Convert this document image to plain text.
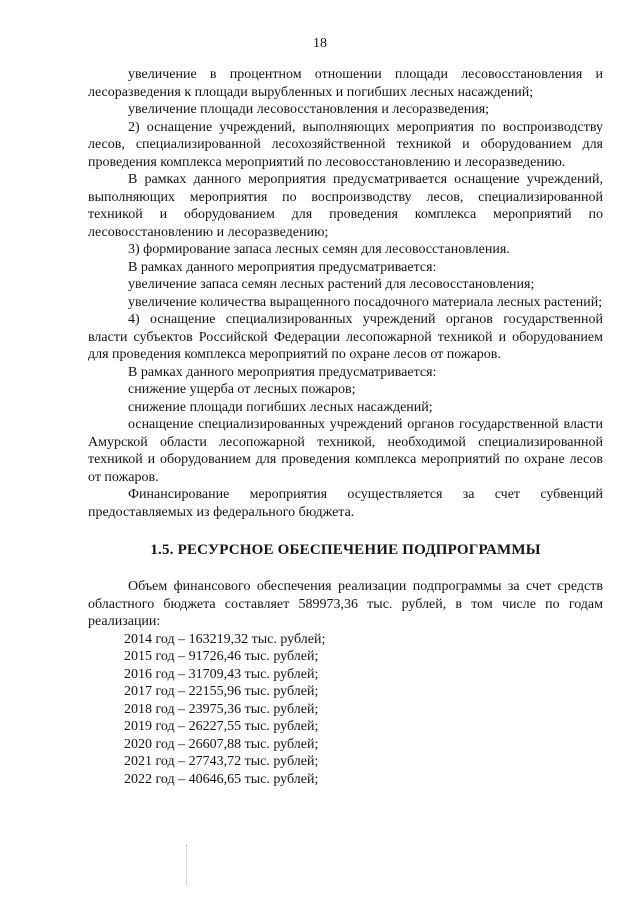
18

увеличение в процентном отношении площади лесовосстановления и лесоразведения к площади вырубленных и погибших лесных насаждений;

увеличение площади лесовосстановления и лесоразведения;

2) оснащение учреждений, выполняющих мероприятия по воспроизводству лесов, специализированной лесохозяйственной техникой и оборудованием для проведения комплекса мероприятий по лесовосстановлению и лесоразведению.

В рамках данного мероприятия предусматривается оснащение учреждений, выполняющих мероприятия по воспроизводству лесов, специализированной техникой и оборудованием для проведения комплекса мероприятий по лесовосстановлению и лесоразведению;

3) формирование запаса лесных семян для лесовосстановления.

В рамках данного мероприятия предусматривается:

увеличение запаса семян лесных растений для лесовосстановления;

увеличение количества выращенного посадочного материала лесных растений;

4) оснащение специализированных учреждений органов государственной власти субъектов Российской Федерации лесопожарной техникой и оборудованием для проведения комплекса мероприятий по охране лесов от пожаров.

В рамках данного мероприятия предусматривается:

снижение ущерба от лесных пожаров;

снижение площади погибших лесных насаждений;

оснащение специализированных учреждений органов государственной власти Амурской области лесопожарной техникой, необходимой специализированной техникой и оборудованием для проведения комплекса мероприятий по охране лесов от пожаров.

Финансирование мероприятия осуществляется за счет субвенций предоставляемых из федерального бюджета.

1.5. РЕСУРСНОЕ ОБЕСПЕЧЕНИЕ ПОДПРОГРАММЫ

Объем финансового обеспечения реализации подпрограммы за счет средств областного бюджета составляет 589973,36 тыс. рублей, в том числе по годам реализации:

2014 год – 163219,32 тыс. рублей;
2015 год – 91726,46 тыс. рублей;
2016 год – 31709,43 тыс. рублей;
2017 год – 22155,96 тыс. рублей;
2018 год – 23975,36 тыс. рублей;
2019 год – 26227,55 тыс. рублей;
2020 год – 26607,88 тыс. рублей;
2021 год – 27743,72 тыс. рублей;
2022 год – 40646,65 тыс. рублей;
